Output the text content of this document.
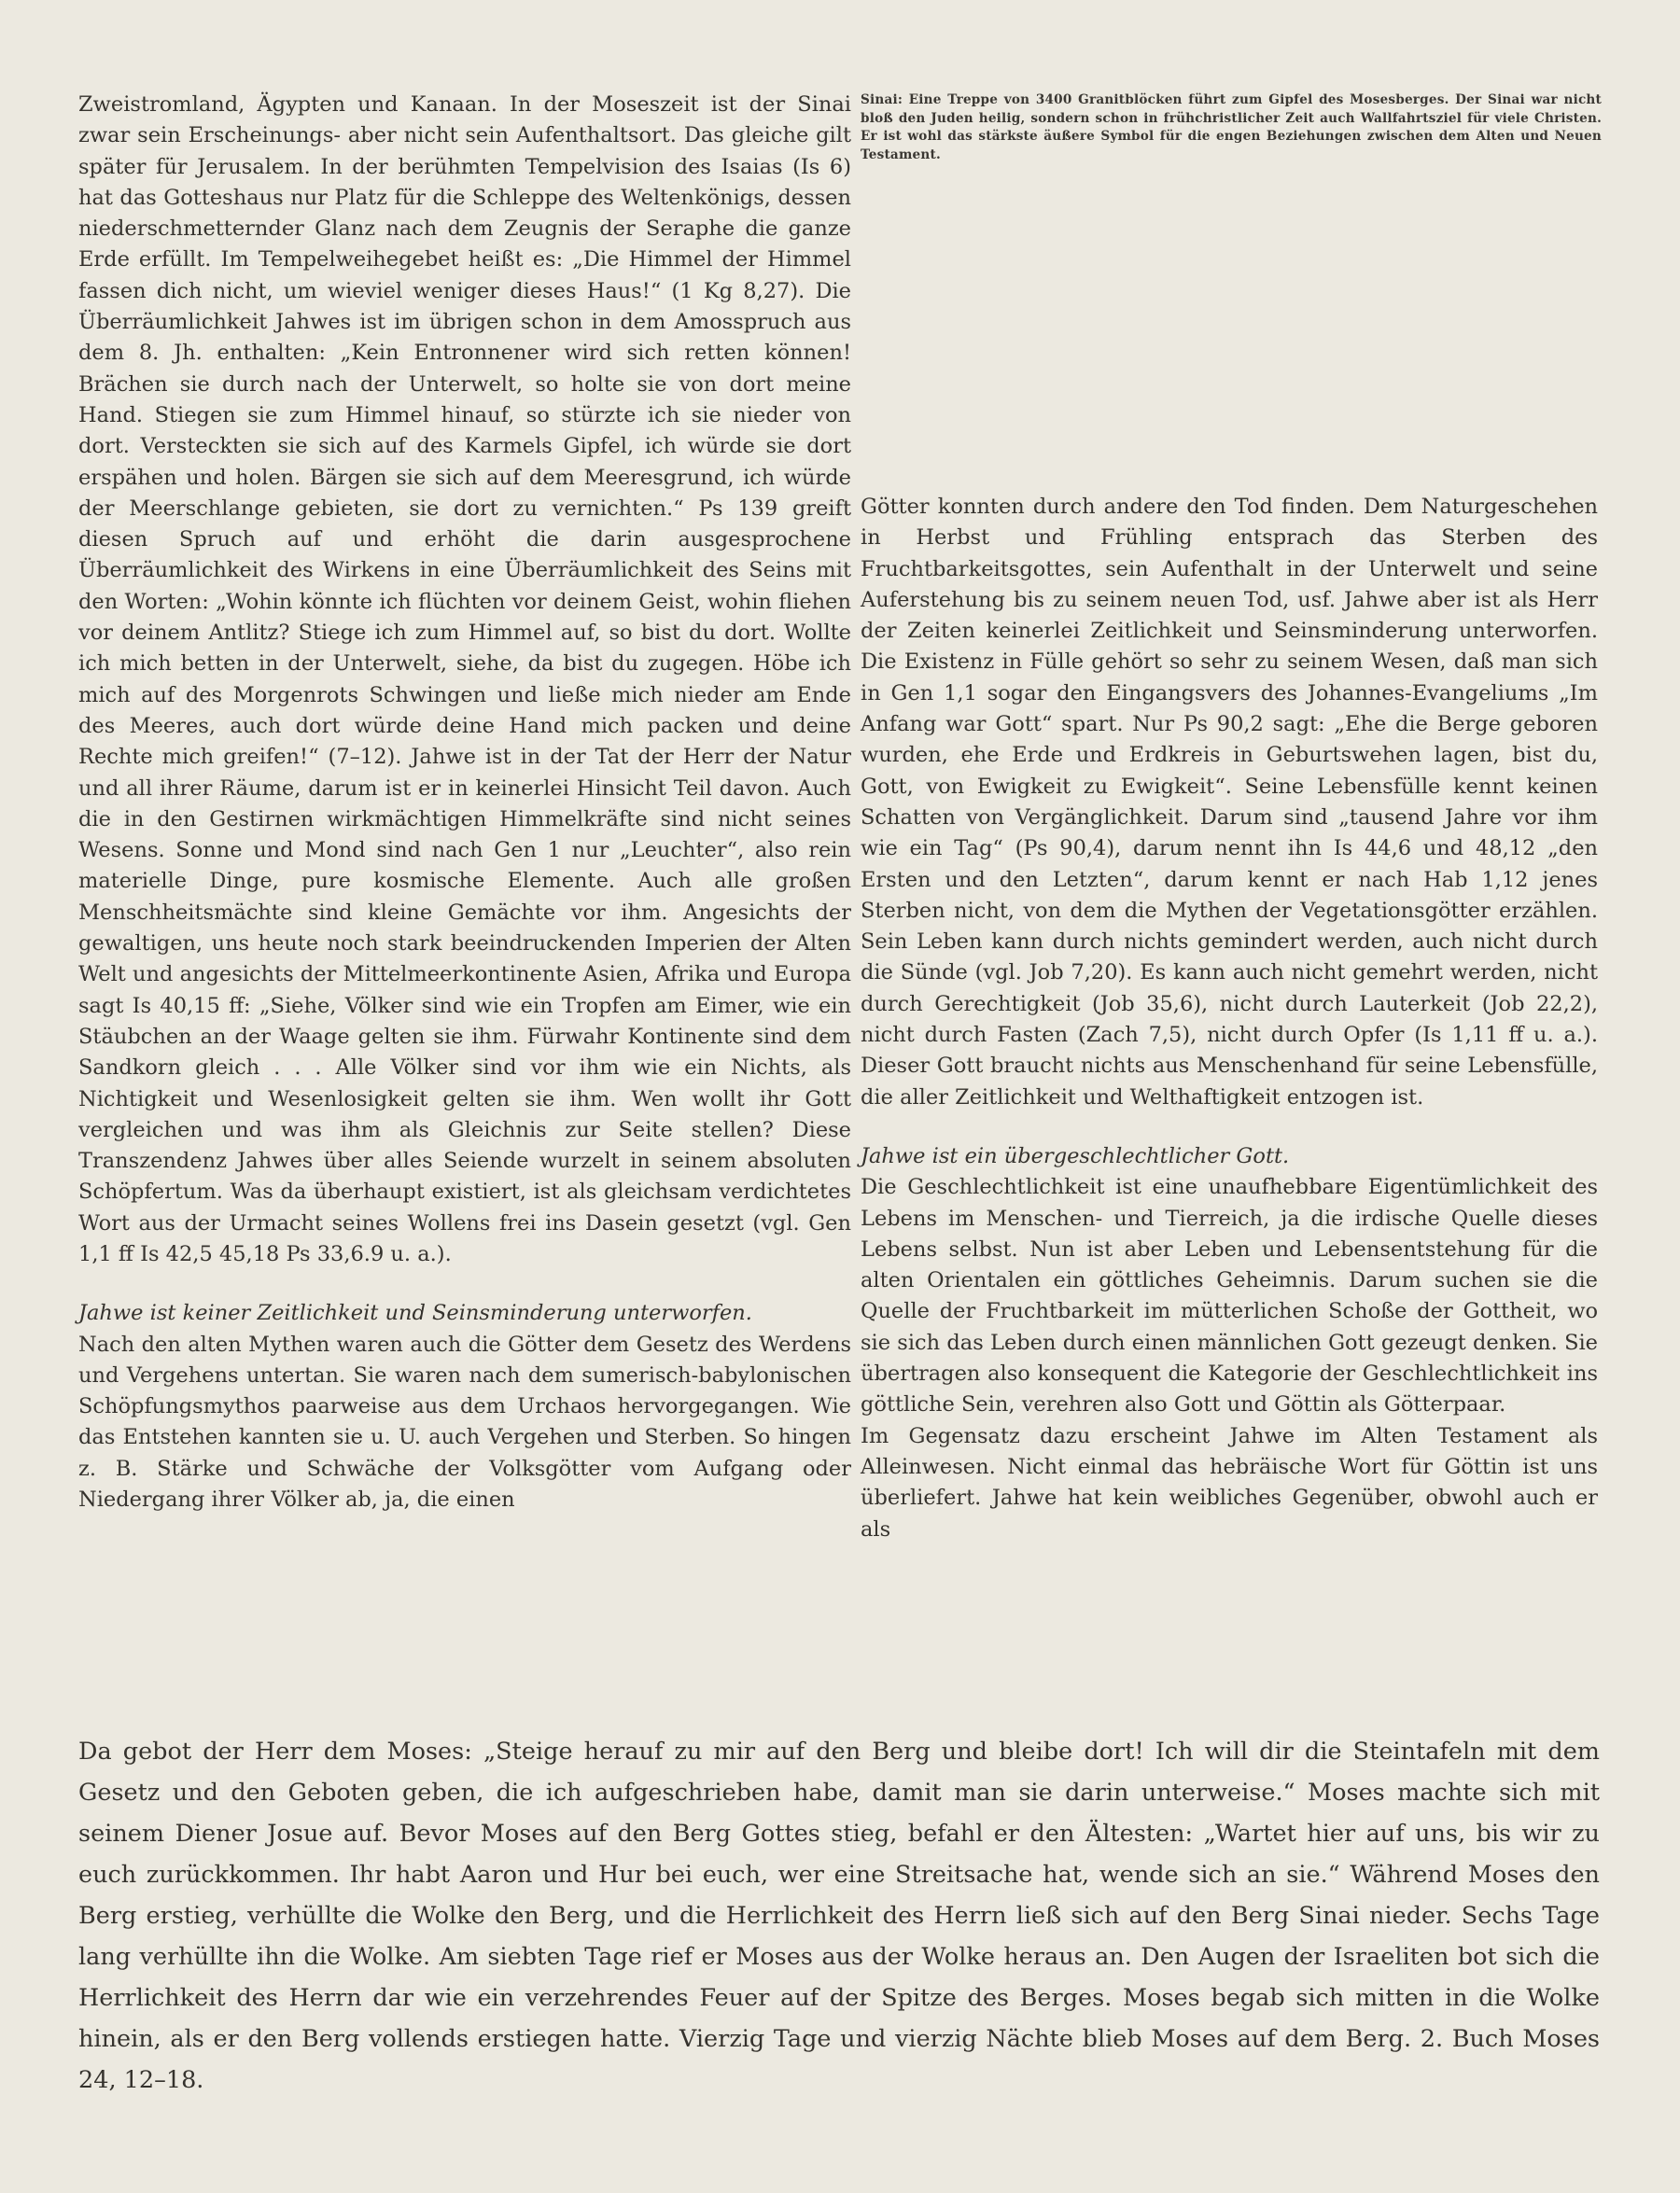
Zweistromland, Ägypten und Kanaan. In der Moseszeit ist der Sinai zwar sein Erscheinungs- aber nicht sein Aufenthaltsort. Das gleiche gilt später für Jerusalem. In der berühmten Tempelvision des Isaias (Is 6) hat das Gotteshaus nur Platz für die Schleppe des Weltenkönigs, dessen niederschmetternder Glanz nach dem Zeugnis der Seraphe die ganze Erde erfüllt. Im Tempelweihegebet heißt es: „Die Himmel der Himmel fassen dich nicht, um wieviel weniger dieses Haus!“ (1 Kg 8,27). Die Überräumlichkeit Jahwes ist im übrigen schon in dem Amosspruch aus dem 8. Jh. enthalten: „Kein Entronnener wird sich retten können! Brächen sie durch nach der Unterwelt, so holte sie von dort meine Hand. Stiegen sie zum Himmel hinauf, so stürzte ich sie nieder von dort. Versteckten sie sich auf des Karmels Gipfel, ich würde sie dort erspähen und holen. Bärgen sie sich auf dem Meeresgrund, ich würde der Meerschlange gebieten, sie dort zu vernichten.“ Ps 139 greift diesen Spruch auf und erhöht die darin ausgesprochene Überräumlichkeit des Wirkens in eine Überräumlichkeit des Seins mit den Worten: „Wohin könnte ich flüchten vor deinem Geist, wohin fliehen vor deinem Antlitz? Stiege ich zum Himmel auf, so bist du dort. Wollte ich mich betten in der Unterwelt, siehe, da bist du zugegen. Höbe ich mich auf des Morgenrots Schwingen und ließe mich nieder am Ende des Meeres, auch dort würde deine Hand mich packen und deine Rechte mich greifen!“ (7–12). Jahwe ist in der Tat der Herr der Natur und all ihrer Räume, darum ist er in keinerlei Hinsicht Teil davon. Auch die in den Gestirnen wirkmächtigen Himmelkräfte sind nicht seines Wesens. Sonne und Mond sind nach Gen 1 nur „Leuchter“, also rein materielle Dinge, pure kosmische Elemente. Auch alle großen Menschheitsmächte sind kleine Gemächte vor ihm. Angesichts der gewaltigen, uns heute noch stark beeindruckenden Imperien der Alten Welt und angesichts der Mittelmeerkontinente Asien, Afrika und Europa sagt Is 40,15 ff: „Siehe, Völker sind wie ein Tropfen am Eimer, wie ein Stäubchen an der Waage gelten sie ihm. Fürwahr Kontinente sind dem Sandkorn gleich . . . Alle Völker sind vor ihm wie ein Nichts, als Nichtigkeit und Wesenlosigkeit gelten sie ihm. Wen wollt ihr Gott vergleichen und was ihm als Gleichnis zur Seite stellen? Diese Transzendenz Jahwes über alles Seiende wurzelt in seinem absoluten Schöpfertum. Was da überhaupt existiert, ist als gleichsam verdichtetes Wort aus der Urmacht seines Wollens frei ins Dasein gesetzt (vgl. Gen 1,1 ff Is 42,5 45,18 Ps 33,6.9 u. a.).

Jahwe ist keiner Zeitlichkeit und Seinsminderung unterworfen.

Nach den alten Mythen waren auch die Götter dem Gesetz des Werdens und Vergehens untertan. Sie waren nach dem sumerisch-babylonischen Schöpfungsmythos paarweise aus dem Urchaos hervorgegangen. Wie das Entstehen kannten sie u. U. auch Vergehen und Sterben. So hingen z. B. Stärke und Schwäche der Volksgötter vom Aufgang oder Niedergang ihrer Völker ab, ja, die einen

Sinai: Eine Treppe von 3400 Granitblöcken führt zum Gipfel des Mosesberges. Der Sinai war nicht bloß den Juden heilig, sondern schon in frühchristlicher Zeit auch Wallfahrtsziel für viele Christen. Er ist wohl das stärkste äußere Symbol für die engen Beziehungen zwischen dem Alten und Neuen Testament.

Götter konnten durch andere den Tod finden. Dem Naturgeschehen in Herbst und Frühling entsprach das Sterben des Fruchtbarkeitsgottes, sein Aufenthalt in der Unterwelt und seine Auferstehung bis zu seinem neuen Tod, usf. Jahwe aber ist als Herr der Zeiten keinerlei Zeitlichkeit und Seinsminderung unterworfen. Die Existenz in Fülle gehört so sehr zu seinem Wesen, daß man sich in Gen 1,1 sogar den Eingangsvers des Johannes-Evangeliums „Im Anfang war Gott“ spart. Nur Ps 90,2 sagt: „Ehe die Berge geboren wurden, ehe Erde und Erdkreis in Geburtswehen lagen, bist du, Gott, von Ewigkeit zu Ewigkeit“. Seine Lebensfülle kennt keinen Schatten von Vergänglichkeit. Darum sind „tausend Jahre vor ihm wie ein Tag“ (Ps 90,4), darum nennt ihn Is 44,6 und 48,12 „den Ersten und den Letzten“, darum kennt er nach Hab 1,12 jenes Sterben nicht, von dem die Mythen der Vegetationsgötter erzählen. Sein Leben kann durch nichts gemindert werden, auch nicht durch die Sünde (vgl. Job 7,20). Es kann auch nicht gemehrt werden, nicht durch Gerechtigkeit (Job 35,6), nicht durch Lauterkeit (Job 22,2), nicht durch Fasten (Zach 7,5), nicht durch Opfer (Is 1,11 ff u. a.). Dieser Gott braucht nichts aus Menschenhand für seine Lebensfülle, die aller Zeitlichkeit und Welthaftigkeit entzogen ist.

Jahwe ist ein übergeschlechtlicher Gott.

Die Geschlechtlichkeit ist eine unaufhebbare Eigentümlichkeit des Lebens im Menschen- und Tierreich, ja die irdische Quelle dieses Lebens selbst. Nun ist aber Leben und Lebensentstehung für die alten Orientalen ein göttliches Geheimnis. Darum suchen sie die Quelle der Fruchtbarkeit im mütterlichen Schoße der Gottheit, wo sie sich das Leben durch einen männlichen Gott gezeugt denken. Sie übertragen also konsequent die Kategorie der Geschlechtlichkeit ins göttliche Sein, verehren also Gott und Göttin als Götterpaar.

Im Gegensatz dazu erscheint Jahwe im Alten Testament als Alleinwesen. Nicht einmal das hebräische Wort für Göttin ist uns überliefert. Jahwe hat kein weibliches Gegenüber, obwohl auch er als

Da gebot der Herr dem Moses: „Steige herauf zu mir auf den Berg und bleibe dort! Ich will dir die Steintafeln mit dem Gesetz und den Geboten geben, die ich aufgeschrieben habe, damit man sie darin unterweise.“ Moses machte sich mit seinem Diener Josue auf. Bevor Moses auf den Berg Gottes stieg, befahl er den Ältesten: „Wartet hier auf uns, bis wir zu euch zurückkommen. Ihr habt Aaron und Hur bei euch, wer eine Streitsache hat, wende sich an sie.“ Während Moses den Berg erstieg, verhüllte die Wolke den Berg, und die Herrlichkeit des Herrn ließ sich auf den Berg Sinai nieder. Sechs Tage lang verhüllte ihn die Wolke. Am siebten Tage rief er Moses aus der Wolke heraus an. Den Augen der Israeliten bot sich die Herrlichkeit des Herrn dar wie ein verzehrendes Feuer auf der Spitze des Berges. Moses begab sich mitten in die Wolke hinein, als er den Berg vollends erstiegen hatte. Vierzig Tage und vierzig Nächte blieb Moses auf dem Berg. 2. Buch Moses 24, 12–18.
